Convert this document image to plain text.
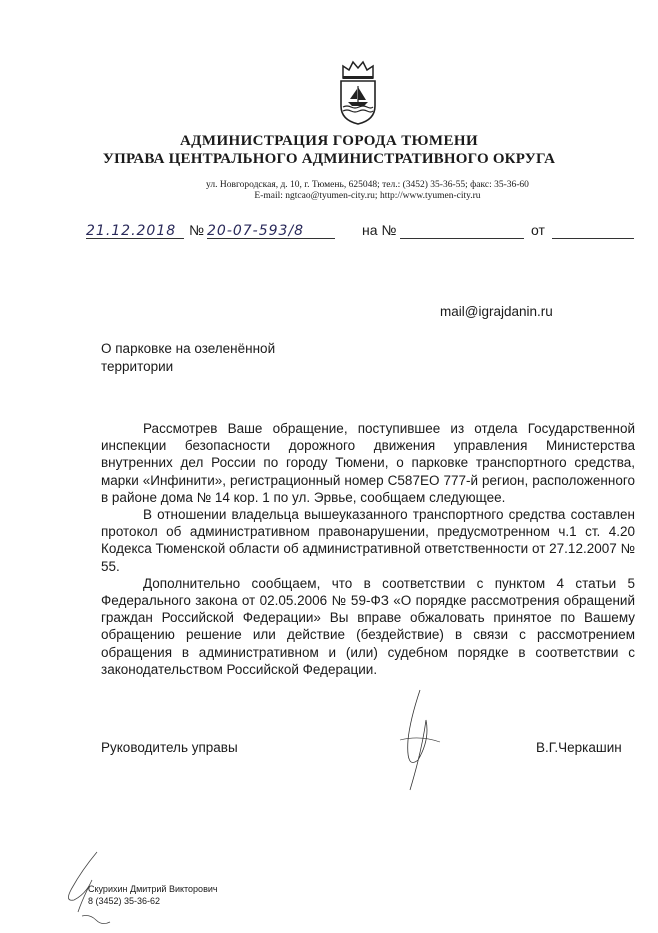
АДМИНИСТРАЦИЯ ГОРОДА ТЮМЕНИ
УПРАВА ЦЕНТРАЛЬНОГО АДМИНИСТРАТИВНОГО ОКРУГА
ул. Новгородская, д. 10, г. Тюмень, 625048; тел.: (3452) 35-36-55; факс: 35-36-60
E-mail: ngtcao@tyumen-city.ru; http://www.tyumen-city.ru
21.12.2018 № 20-07-593/8	на №	от
mail@igrajdanin.ru
О парковке на озеленённой
территории

Рассмотрев Ваше обращение, поступившее из отдела Государственной инспекции безопасности дорожного движения управления Министерства внутренних дел России по городу Тюмени, о парковке транспортного средства, марки «Инфинити», регистрационный номер С587ЕО 777-й регион, расположенного в районе дома № 14 кор. 1 по ул. Эрвье, сообщаем следующее.

В отношении владельца вышеуказанного транспортного средства составлен протокол об административном правонарушении, предусмотренном ч.1 ст. 4.20 Кодекса Тюменской области об административной ответственности от 27.12.2007 № 55.

Дополнительно сообщаем, что в соответствии с пунктом 4 статьи 5 Федерального закона от 02.05.2006 № 59-ФЗ «О порядке рассмотрения обращений граждан Российской Федерации» Вы вправе обжаловать принятое по Вашему обращению решение или действие (бездействие) в связи с рассмотрением обращения в административном и (или) судебном порядке в соответствии с законодательством Российской Федерации.

Руководитель управы	В.Г.Черкашин
Скурихин Дмитрий Викторович
8 (3452) 35-36-62
